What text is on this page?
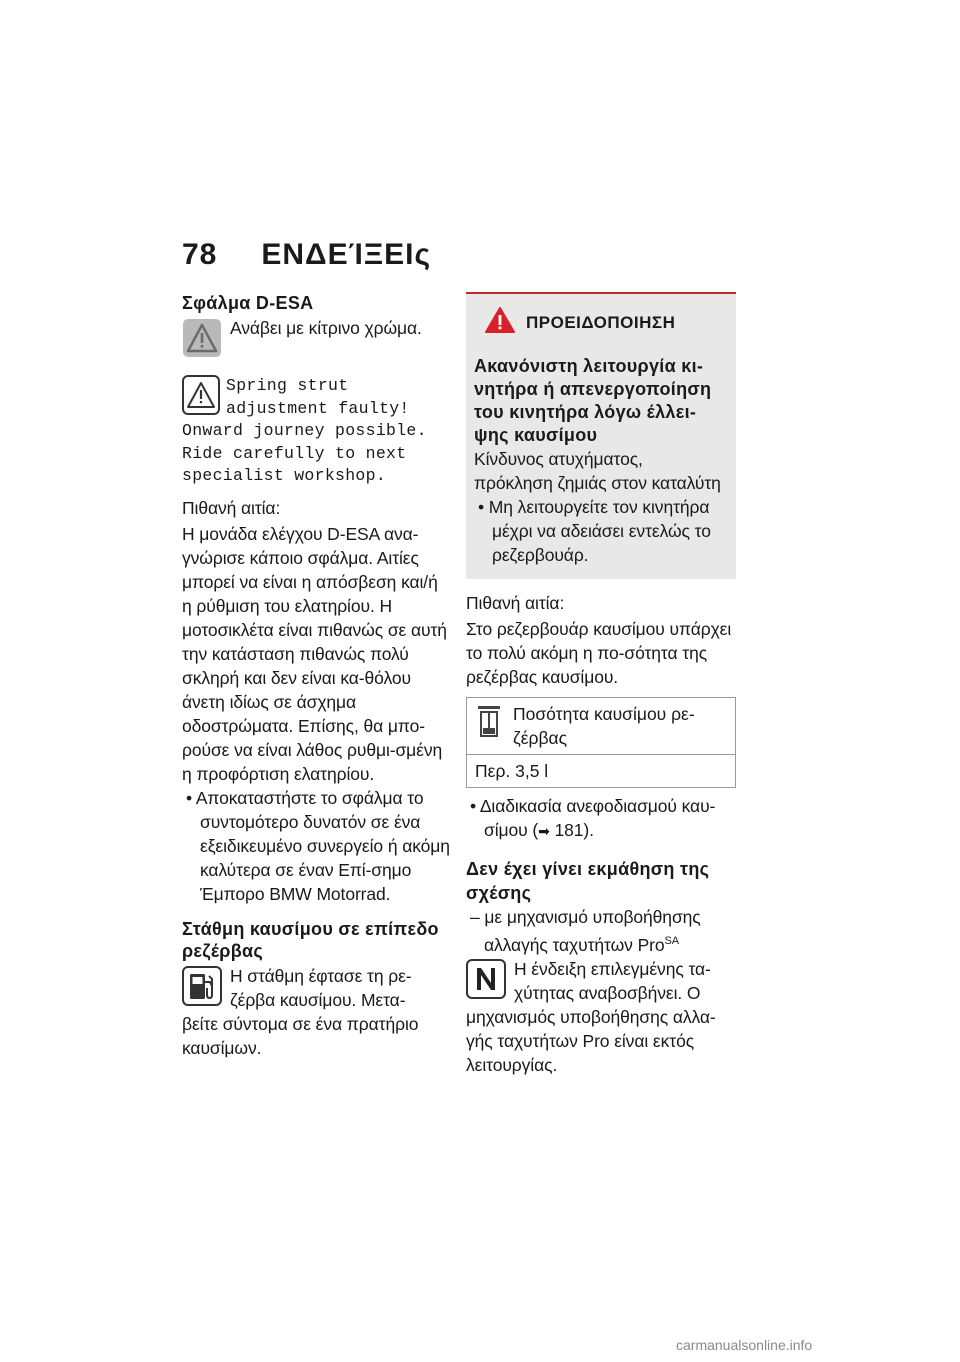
78 ΕΝΔΕΊΞΕΙς
Σφάλμα D-ESA

Ανάβει με κίτρινο χρώμα.

Spring strut
adjustment faulty!
Onward journey possible.
Ride carefully to next
specialist workshop.

Πιθανή αιτία:

Η μονάδα ελέγχου D-ESA ανα-γνώρισε κάποιο σφάλμα. Αιτίες μπορεί να είναι η απόσβεση και/ή η ρύθμιση του ελατηρίου. Η μοτοσικλέτα είναι πιθανώς σε αυτή την κατάσταση πιθανώς πολύ σκληρή και δεν είναι κα-θόλου άνετη ιδίως σε άσχημα οδοστρώματα. Επίσης, θα μπο-ρούσε να είναι λάθος ρυθμι-σμένη η προφόρτιση ελατηρίου.

• Αποκαταστήστε το σφάλμα το συντομότερο δυνατόν σε ένα εξειδικευμένο συνεργείο ή ακόμη καλύτερα σε έναν Επί-σημο Έμπορο BMW Motorrad.

Στάθμη καυσίμου σε επίπεδο ρεζέρβας

Η στάθμη έφτασε τη ρε-ζέρβα καυσίμου. Μετα-

βείτε σύντομα σε ένα πρατήριο καυσίμων.

ΠΡΟΕΙΔΟΠΟΙΗΣΗ
Ακανόνιστη λειτουργία κι-νητήρα ή απενεργοποίηση του κινητήρα λόγω έλλει-ψης καυσίμου

Κίνδυνος ατυχήματος, πρόκληση ζημιάς στον καταλύτη

• Μη λειτουργείτε τον κινητήρα μέχρι να αδειάσει εντελώς το ρεζερβουάρ.

Πιθανή αιτία:

Στο ρεζερβουάρ καυσίμου υπάρχει το πολύ ακόμη η πο-σότητα της ρεζέρβας καυσίμου.

Ποσότητα καυσίμου ρε-ζέρβας

Περ. 3,5 l

• Διαδικασία ανεφοδιασμού καυ-σίμου (➡ 181).

Δεν έχει γίνει εκμάθηση της σχέσης

– με μηχανισμό υποβοήθησης αλλαγής ταχυτήτων Pro$^{SA}$

Η ένδειξη επιλεγμένης τα-χύτητας αναβοσβήνει. Ο

μηχανισμός υποβοήθησης αλλα-γής ταχυτήτων Pro είναι εκτός λειτουργίας.

carmanualsonline.info
